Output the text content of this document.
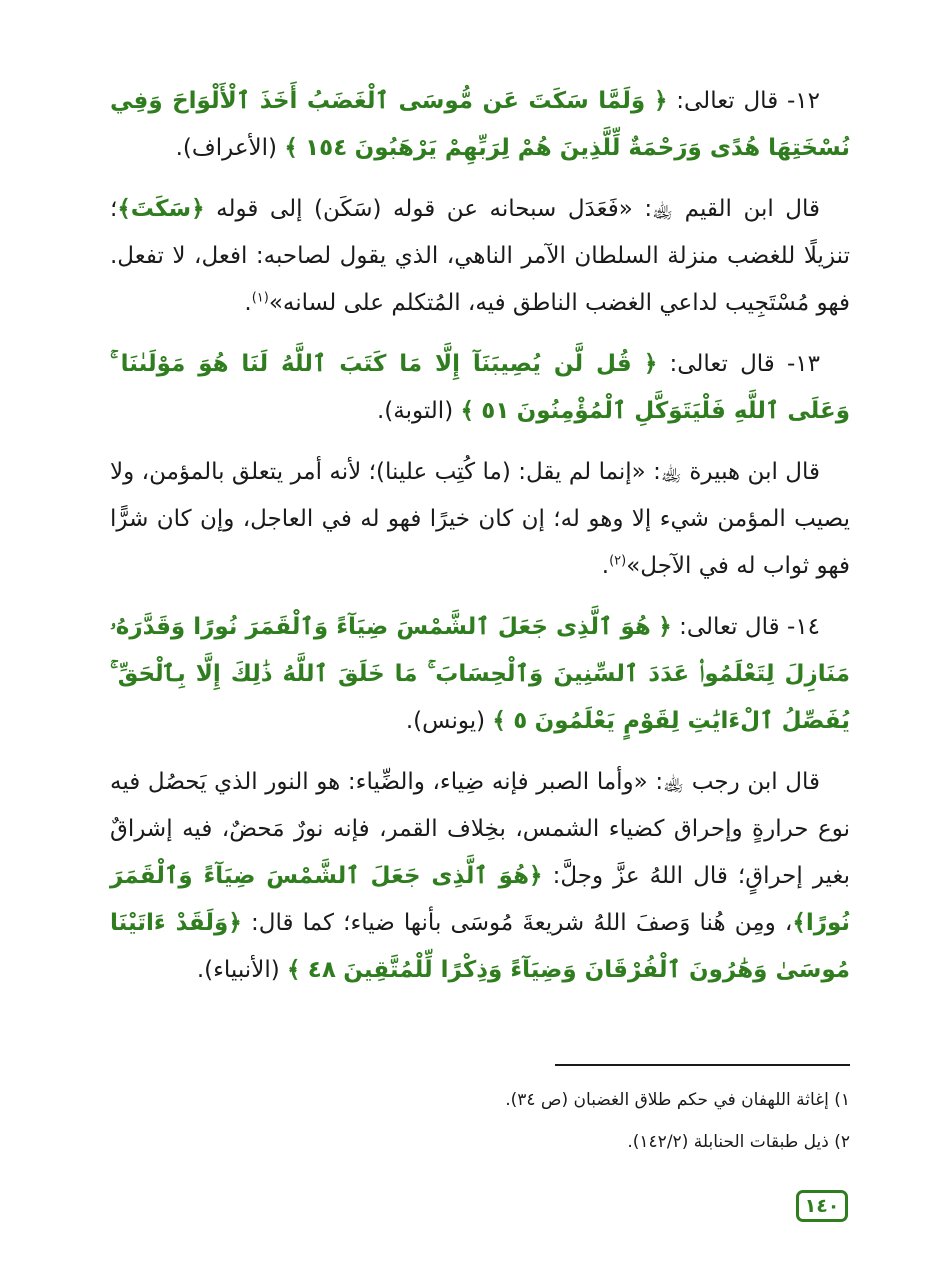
١٢- قال تعالى: ﴿ وَلَمَّا سَكَتَ عَن مُّوسَى ٱلْغَضَبُ أَخَذَ ٱلْأَلْوَاحَ وَفِي نُسْخَتِهَا هُدًى وَرَحْمَةٌ لِّلَّذِينَ هُمْ لِرَبِّهِمْ يَرْهَبُونَ ١٥٤ ﴾ (الأعراف).

قال ابن القيم ﵀: «فَعَدَل سبحانه عن قوله (سَكَن) إلى قوله ﴿سَكَتَ﴾؛ تنزيلًا للغضب منزلة السلطان الآمر الناهي، الذي يقول لصاحبه: افعل، لا تفعل. فهو مُسْتَجِيب لداعي الغضب الناطق فيه، المُتكلم على لسانه»$^{(١)}$.

١٣- قال تعالى: ﴿ قُل لَّن يُصِيبَنَآ إِلَّا مَا كَتَبَ ٱللَّهُ لَنَا هُوَ مَوْلَىٰنَا ۚ وَعَلَى ٱللَّهِ فَلْيَتَوَكَّلِ ٱلْمُؤْمِنُونَ ٥١ ﴾ (التوبة).

قال ابن هبيرة ﵀: «إنما لم يقل: (ما كُتِب علينا)؛ لأنه أمر يتعلق بالمؤمن، ولا يصيب المؤمن شيء إلا وهو له؛ إن كان خيرًا فهو له في العاجل، وإن كان شرًّا فهو ثواب له في الآجل»$^{(٢)}$.

١٤- قال تعالى: ﴿ هُوَ ٱلَّذِى جَعَلَ ٱلشَّمْسَ ضِيَآءً وَٱلْقَمَرَ نُورًا وَقَدَّرَهُۥ مَنَازِلَ لِتَعْلَمُوا۟ عَدَدَ ٱلسِّنِينَ وَٱلْحِسَابَ ۚ مَا خَلَقَ ٱللَّهُ ذَٰلِكَ إِلَّا بِٱلْحَقِّ ۚ يُفَصِّلُ ٱلْءَايَٰتِ لِقَوْمٍ يَعْلَمُونَ ٥ ﴾ (يونس).

قال ابن رجب ﵀: «وأما الصبر فإنه ضِياء، والضِّياء: هو النور الذي يَحصُل فيه نوع حرارةٍ وإحراق كضياء الشمس، بخِلاف القمر، فإنه نورٌ مَحضٌ، فيه إشراقٌ بغير إحراقٍ؛ قال اللهُ عزَّ وجلَّ: ﴿هُوَ ٱلَّذِى جَعَلَ ٱلشَّمْسَ ضِيَآءً وَٱلْقَمَرَ نُورًا﴾، ومِن هُنا وَصفَ اللهُ شريعةَ مُوسَى بأنها ضياء؛ كما قال: ﴿وَلَقَدْ ءَاتَيْنَا مُوسَىٰ وَهَٰرُونَ ٱلْفُرْقَانَ وَضِيَآءً وَذِكْرًا لِّلْمُتَّقِينَ ٤٨ ﴾ (الأنبياء).

١) إغاثة اللهفان في حكم طلاق الغضبان (ص ٣٤).
٢) ذيل طبقات الحنابلة (١٤٢/٢).
١٤٠
